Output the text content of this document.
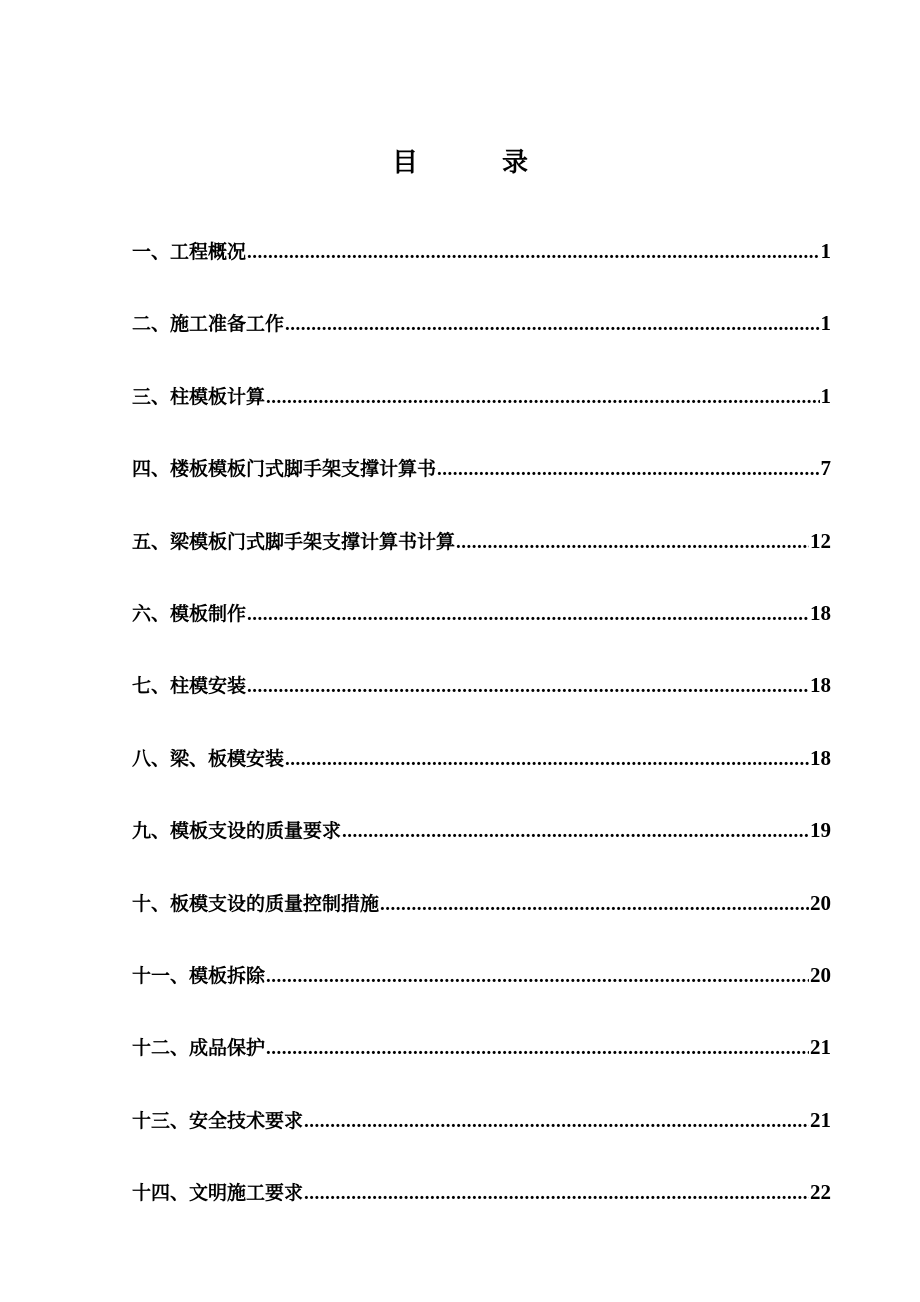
目	录
一、工程概况 .....	1
二、施工准备工作 .....	1
三、柱模板计算 .....	1
四、楼板模板门式脚手架支撑计算书 .....	7
五、梁模板门式脚手架支撑计算书计算 .....	12
六、模板制作 .....	18
七、柱模安装 .....	18
八、梁、板模安装 .....	18
九、模板支设的质量要求 .....	19
十、板模支设的质量控制措施 .....	20
十一、模板拆除 .....	20
十二、成品保护 .....	21
十三、安全技术要求 .....	21
十四、文明施工要求 .....	22
